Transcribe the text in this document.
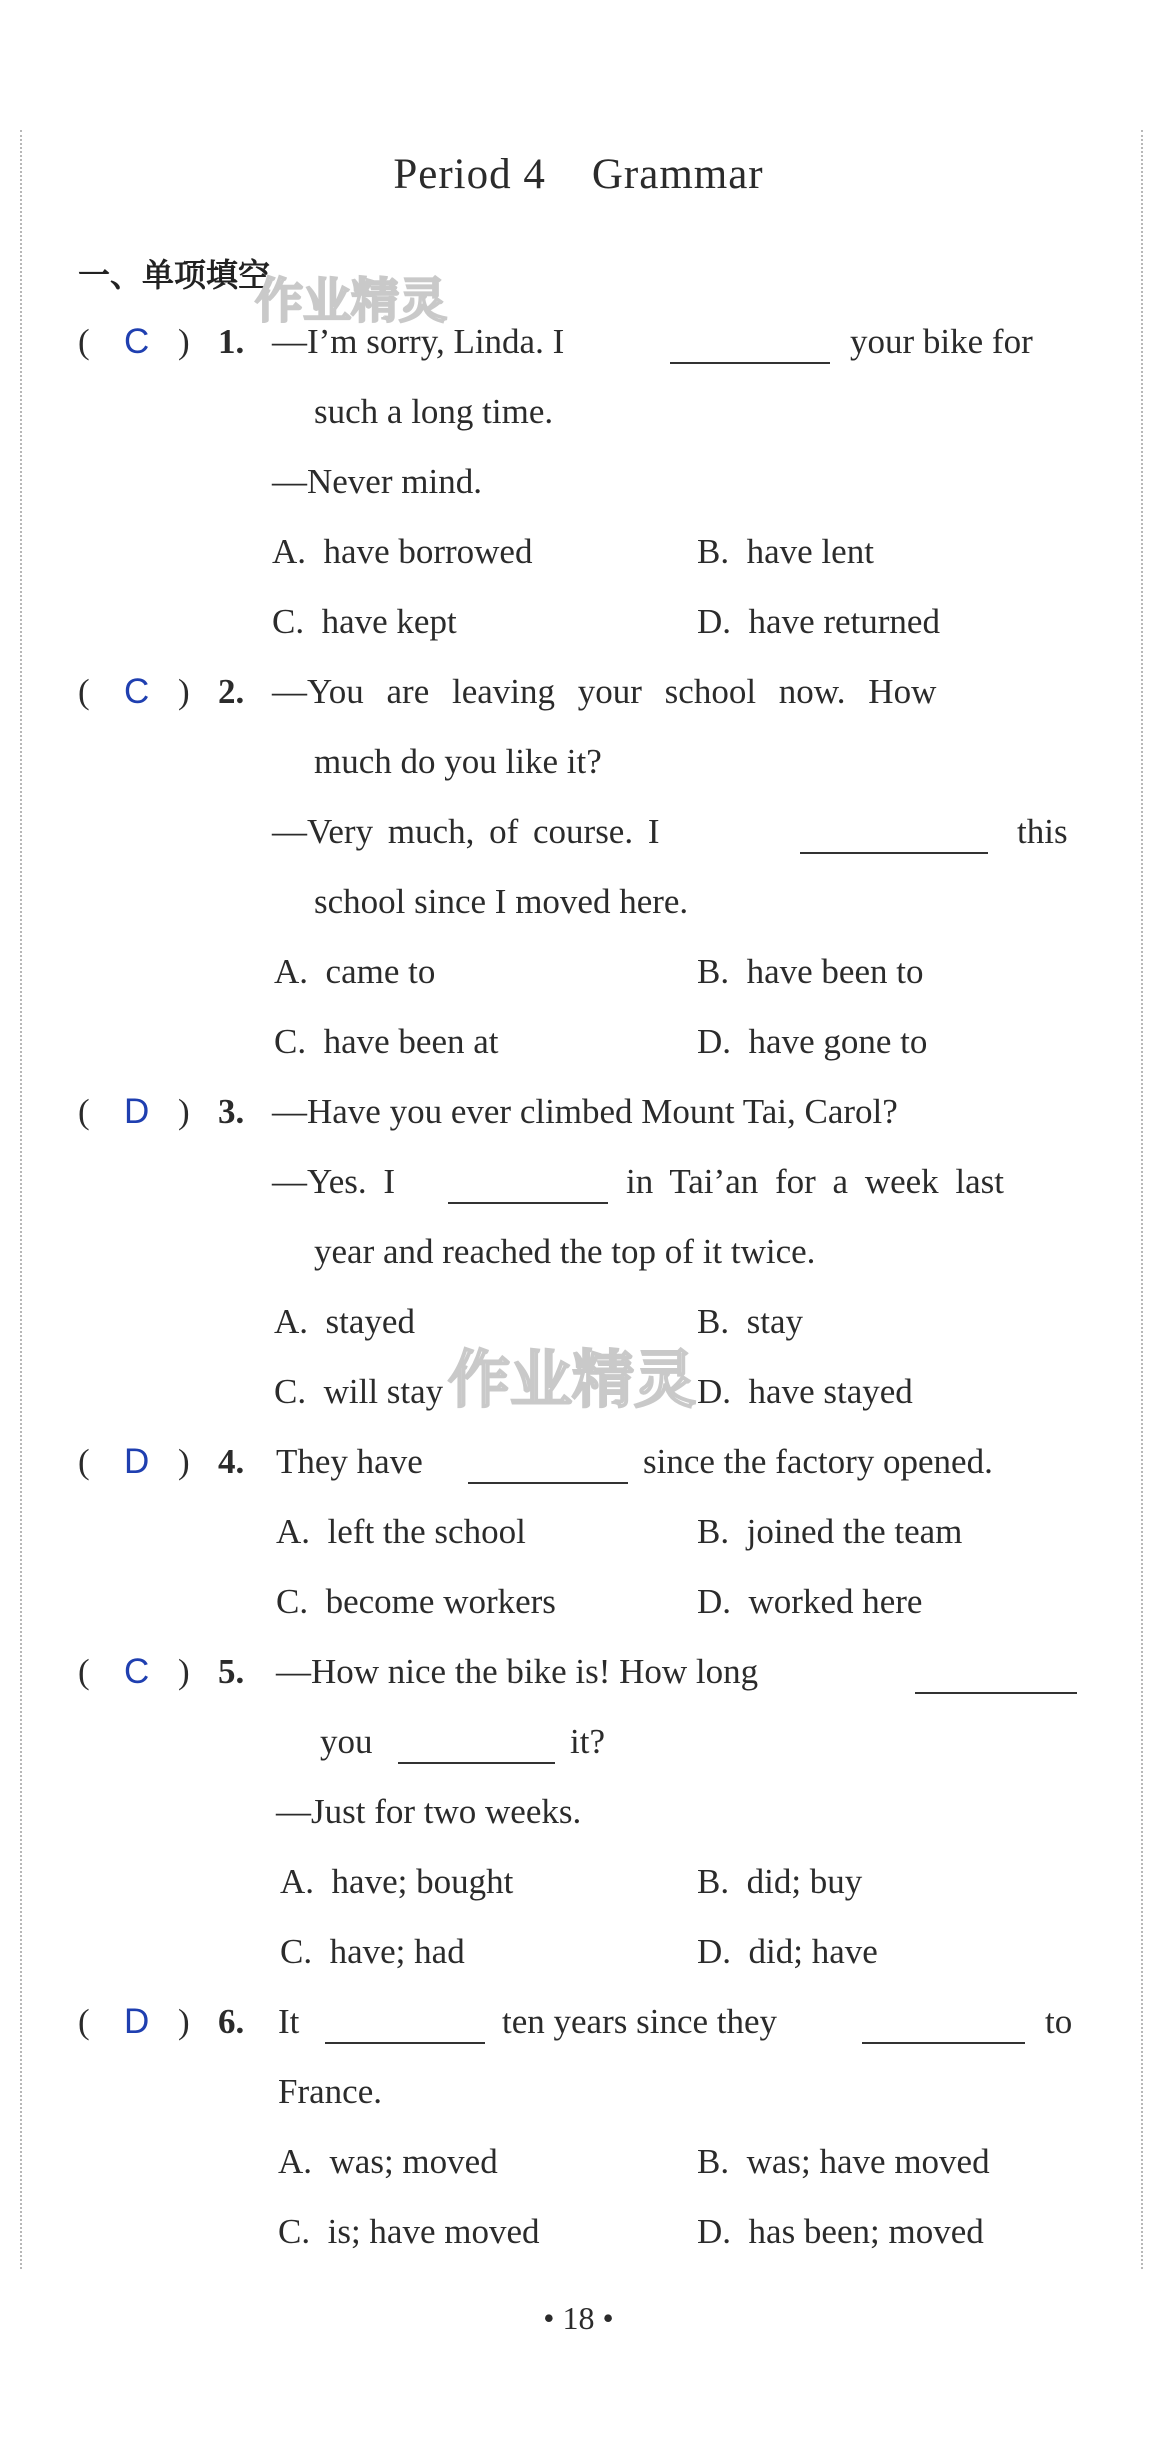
Period 4 Grammar
一、单项填空
作业精灵
作业精灵
( C ) 1. —I’m sorry, Linda. I	your bike for
such a long time.
—Never mind.
A.  have borrowed	B.  have lent
C.  have kept	D.  have returned
( C ) 2. —You are leaving your school now. How
much do you like it?
—Very much, of course. I	this
school since I moved here.
A.  came to	B.  have been to
C.  have been at	D.  have gone to
( D ) 3. —Have you ever climbed Mount Tai, Carol?
—Yes. I	in Tai’an for a week last
year and reached the top of it twice.
A.  stayed	B.  stay
C.  will stay	D.  have stayed
( D ) 4. They have	since the factory opened.
A.  left the school	B.  joined the team
C.  become workers	D.  worked here
( C ) 5. —How nice the bike is! How long
you	it?
—Just for two weeks.
A.  have; bought	B.  did; buy
C.  have; had	D.  did; have
( D ) 6. It	ten years since they	to
France.
A.  was; moved	B.  was; have moved
C.  is; have moved	D.  has been; moved
• 18 •
